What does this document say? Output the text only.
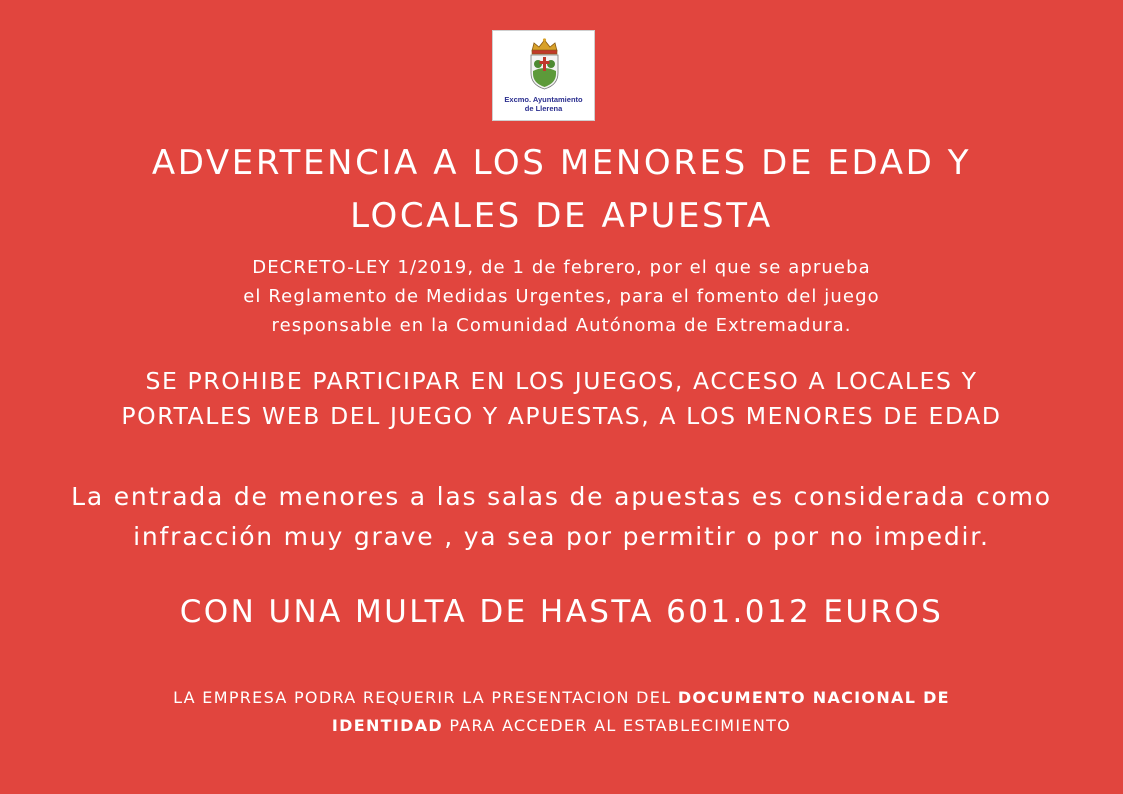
Excmo. Ayuntamiento
de Llerena
ADVERTENCIA A LOS MENORES DE EDAD Y
LOCALES DE APUESTA
DECRETO-LEY 1/2019, de 1 de febrero, por el que se aprueba
el Reglamento de Medidas Urgentes, para el fomento del juego
responsable en la Comunidad Autónoma de Extremadura.
SE PROHIBE PARTICIPAR EN LOS JUEGOS, ACCESO A LOCALES Y
PORTALES WEB DEL JUEGO Y APUESTAS, A LOS MENORES DE EDAD
La entrada de menores a las salas de apuestas es considerada como
infracción muy grave , ya sea por permitir o por no impedir.
CON UNA MULTA DE HASTA 601.012 EUROS
LA EMPRESA PODRA REQUERIR LA PRESENTACION DEL DOCUMENTO NACIONAL DE
IDENTIDAD PARA ACCEDER AL ESTABLECIMIENTO
